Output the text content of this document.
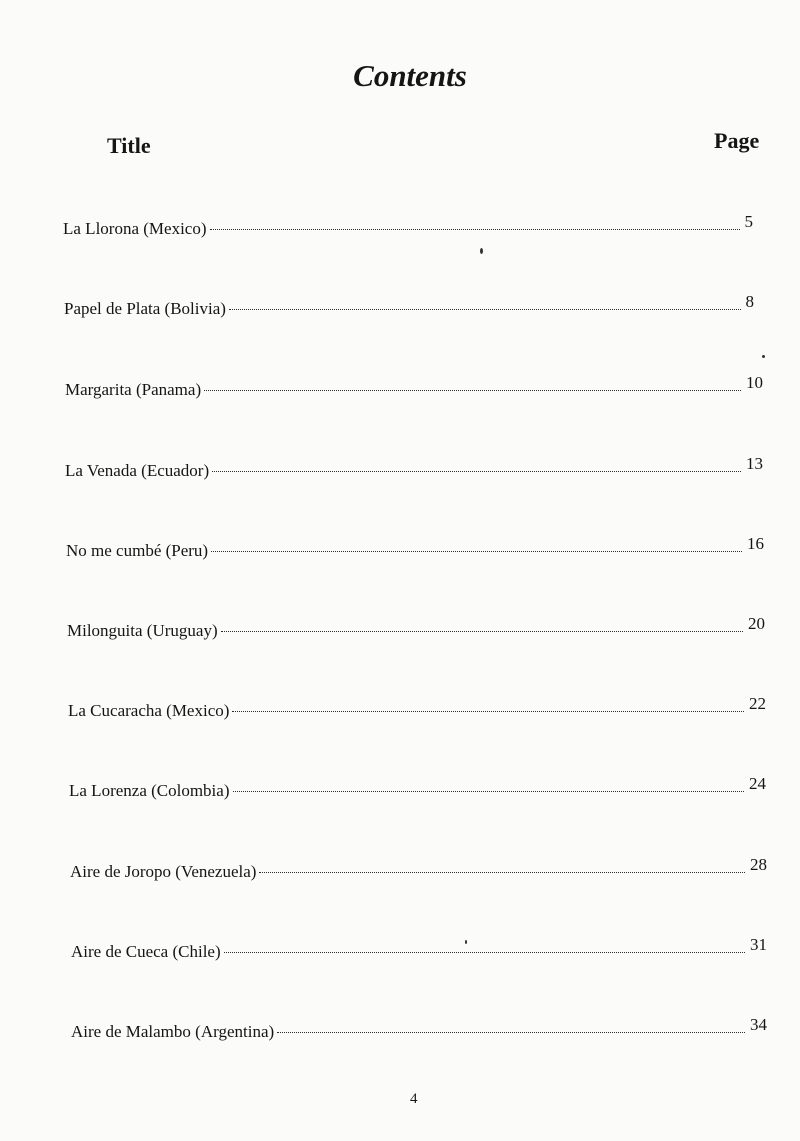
Contents
Title	Page
La Llorona (Mexico)	5
Papel de Plata (Bolivia)	8
Margarita (Panama)	10
La Venada (Ecuador)	13
No me cumbé (Peru)	16
Milonguita (Uruguay)	20
La Cucaracha (Mexico)	22
La Lorenza (Colombia)	24
Aire de Joropo (Venezuela)	28
Aire de Cueca (Chile)	31
Aire de Malambo (Argentina)	34
4
